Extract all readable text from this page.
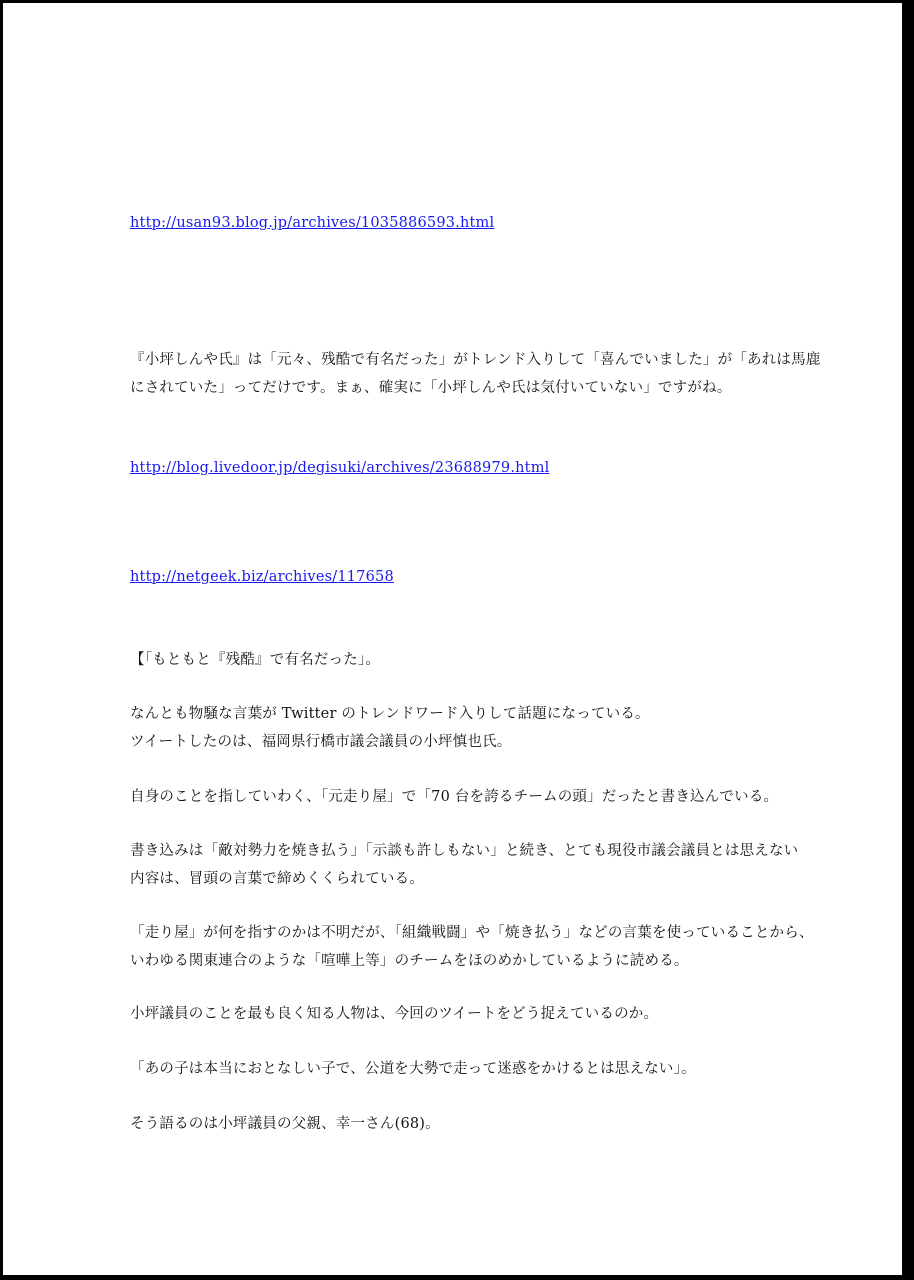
http://usan93.blog.jp/archives/1035886593.html
『小坪しんや氏』は「元々、残酷で有名だった」がトレンド入りして「喜んでいました」が「あれは馬鹿
にされていた」ってだけです。まぁ、確実に「小坪しんや氏は気付いていない」ですがね。
http://blog.livedoor.jp/degisuki/archives/23688979.html
http://netgeek.biz/archives/117658
【「もともと『残酷』で有名だった」。
なんとも物騒な言葉が Twitter のトレンドワード入りして話題になっている。
ツイートしたのは、福岡県行橋市議会議員の小坪慎也氏。
自身のことを指していわく、「元走り屋」で「70 台を誇るチームの頭」だったと書き込んでいる。
書き込みは「敵対勢力を焼き払う」「示談も許しもない」と続き、とても現役市議会議員とは思えない
内容は、冒頭の言葉で締めくくられている。
「走り屋」が何を指すのかは不明だが、「組織戦闘」や「焼き払う」などの言葉を使っていることから、
いわゆる関東連合のような「喧嘩上等」のチームをほのめかしているように読める。
小坪議員のことを最も良く知る人物は、今回のツイートをどう捉えているのか。
「あの子は本当におとなしい子で、公道を大勢で走って迷惑をかけるとは思えない」。
そう語るのは小坪議員の父親、幸一さん(68)。
